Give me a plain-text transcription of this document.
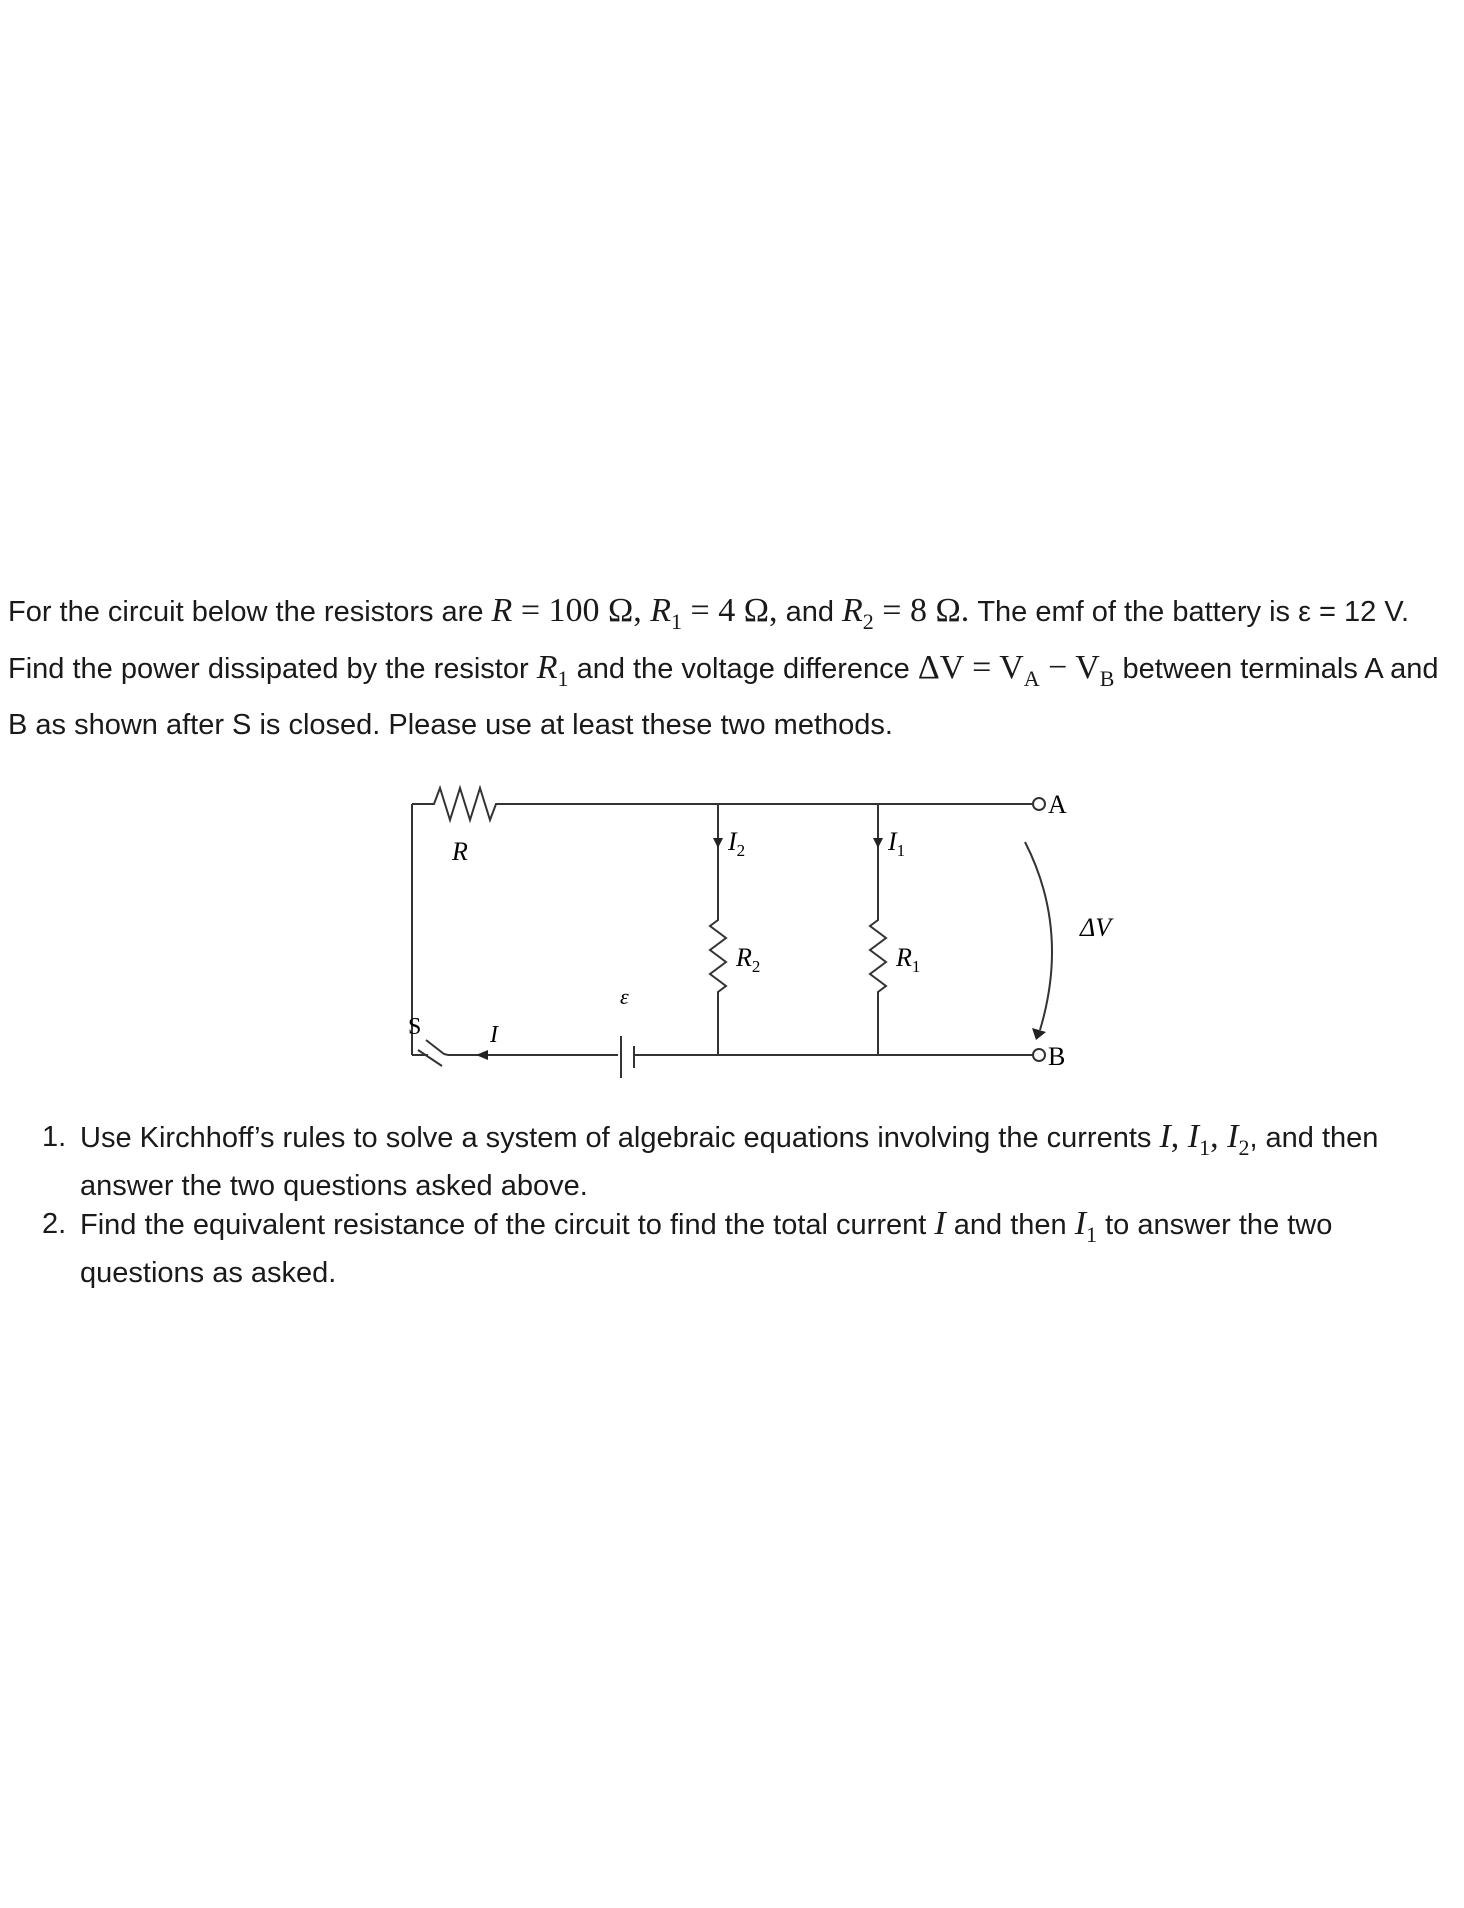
For the circuit below the resistors are R = 100 Ω, $R_1 = 4$ Ω, and $R_2 = 8$ Ω. The emf of the battery is ε = 12 V. Find the power dissipated by the resistor $R_1$ and the voltage difference $\Delta V = V_A - V_B$ between terminals A and B as shown after S is closed. Please use at least these two methods.
R	$I_2$	$I_1$
$R_2$	$R_1$
ε
S	I
A
B
ΔV
1. Use Kirchhoff’s rules to solve a system of algebraic equations involving the currents I, $I_1$, $I_2$, and then answer the two questions asked above.
2. Find the equivalent resistance of the circuit to find the total current I and then $I_1$ to answer the two questions as asked.
